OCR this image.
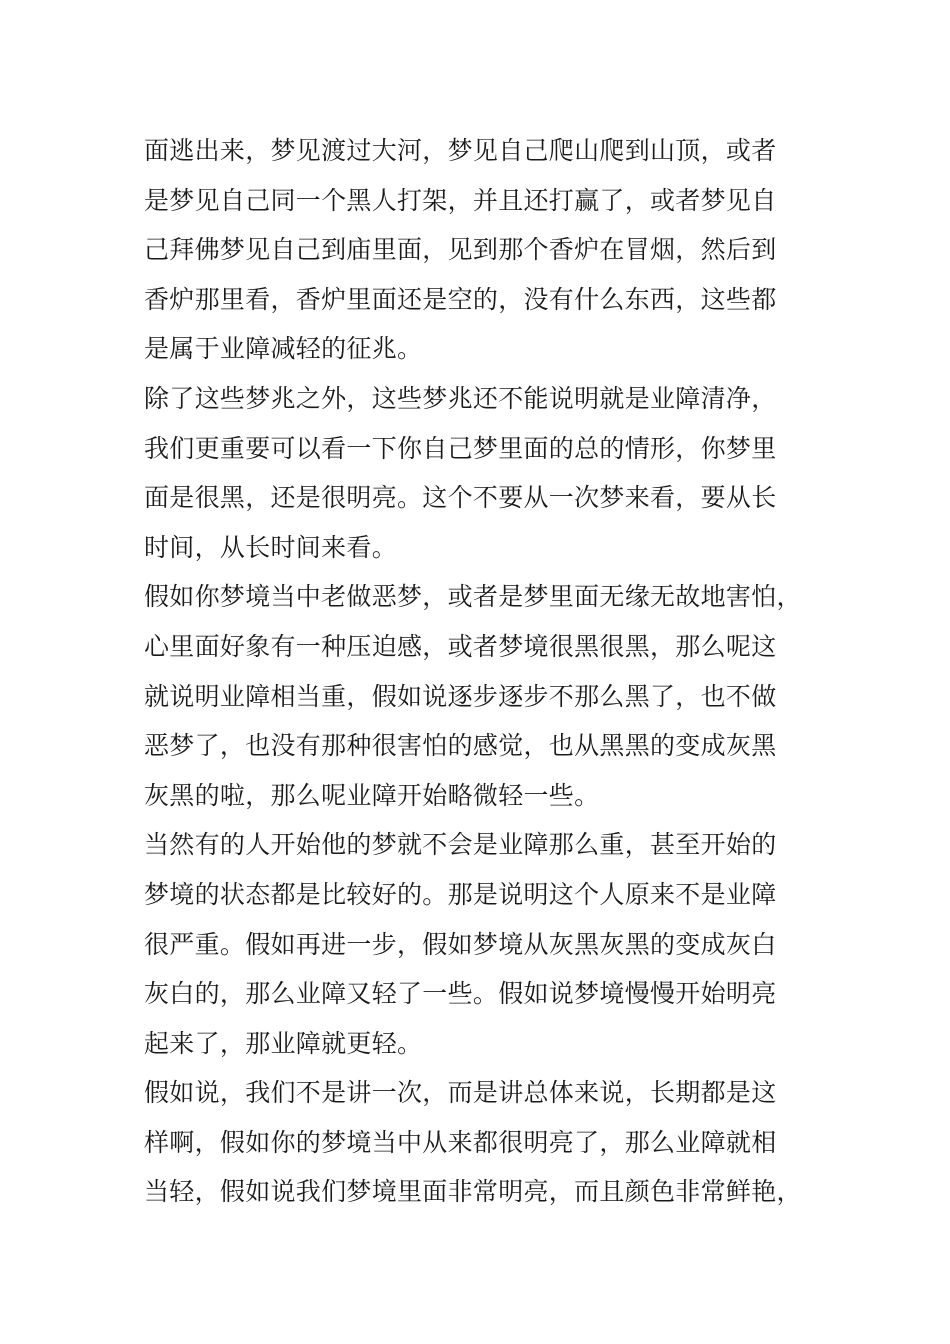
面逃出来，梦见渡过大河，梦见自己爬山爬到山顶，或者
是梦见自己同一个黑人打架，并且还打赢了，或者梦见自
己拜佛梦见自己到庙里面，见到那个香炉在冒烟，然后到
香炉那里看，香炉里面还是空的，没有什么东西，这些都
是属于业障减轻的征兆。
除了这些梦兆之外，这些梦兆还不能说明就是业障清净，
我们更重要可以看一下你自己梦里面的总的情形，你梦里
面是很黑，还是很明亮。这个不要从一次梦来看，要从长
时间，从长时间来看。
假如你梦境当中老做恶梦，或者是梦里面无缘无故地害怕，
心里面好象有一种压迫感，或者梦境很黑很黑，那么呢这
就说明业障相当重，假如说逐步逐步不那么黑了，也不做
恶梦了，也没有那种很害怕的感觉，也从黑黑的变成灰黑
灰黑的啦，那么呢业障开始略微轻一些。
当然有的人开始他的梦就不会是业障那么重，甚至开始的
梦境的状态都是比较好的。那是说明这个人原来不是业障
很严重。假如再进一步，假如梦境从灰黑灰黑的变成灰白
灰白的，那么业障又轻了一些。假如说梦境慢慢开始明亮
起来了，那业障就更轻。
假如说，我们不是讲一次，而是讲总体来说，长期都是这
样啊，假如你的梦境当中从来都很明亮了，那么业障就相
当轻，假如说我们梦境里面非常明亮，而且颜色非常鲜艳，
